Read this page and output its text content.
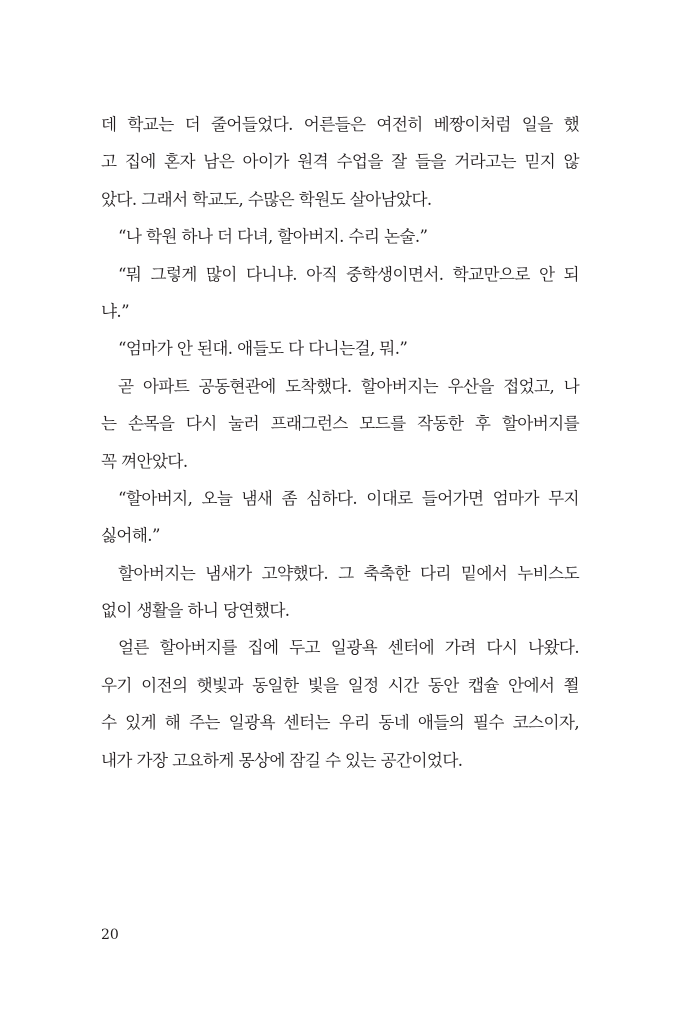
데 학교는 더 줄어들었다. 어른들은 여전히 베짱이처럼 일을 했
고 집에 혼자 남은 아이가 원격 수업을 잘 들을 거라고는 믿지 않
았다. 그래서 학교도, 수많은 학원도 살아남았다.
“나 학원 하나 더 다녀, 할아버지. 수리 논술.”
“뭐 그렇게 많이 다니냐. 아직 중학생이면서. 학교만으로 안 되
냐.”
“엄마가 안 된대. 애들도 다 다니는걸, 뭐.”
곧 아파트 공동현관에 도착했다. 할아버지는 우산을 접었고, 나
는 손목을 다시 눌러 프래그런스 모드를 작동한 후 할아버지를
꼭 껴안았다.
“할아버지, 오늘 냄새 좀 심하다. 이대로 들어가면 엄마가 무지
싫어해.”
할아버지는 냄새가 고약했다. 그 축축한 다리 밑에서 누비스도
없이 생활을 하니 당연했다.
얼른 할아버지를 집에 두고 일광욕 센터에 가려 다시 나왔다.
우기 이전의 햇빛과 동일한 빛을 일정 시간 동안 캡슐 안에서 쬘
수 있게 해 주는 일광욕 센터는 우리 동네 애들의 필수 코스이자,
내가 가장 고요하게 몽상에 잠길 수 있는 공간이었다.
20
